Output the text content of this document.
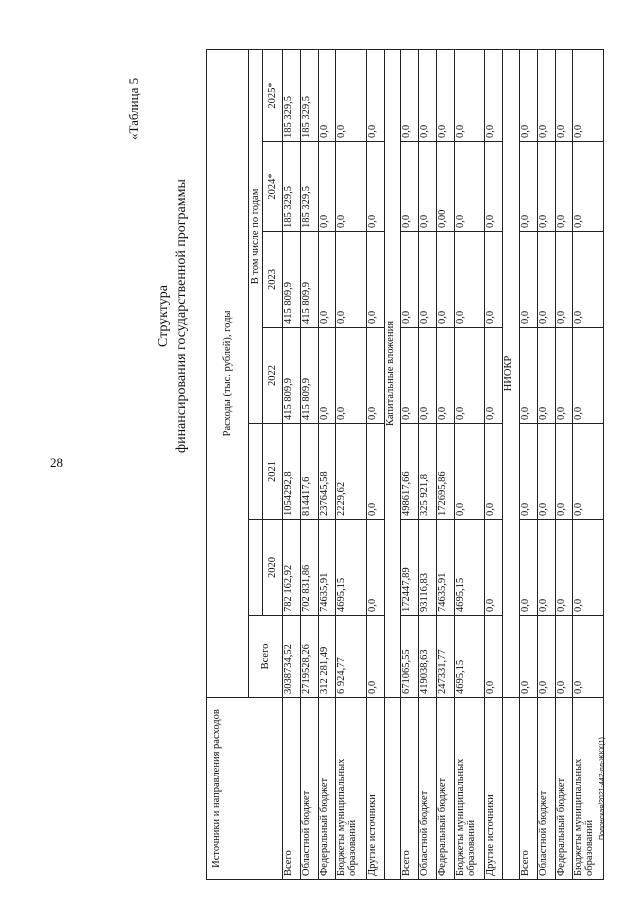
28
«Таблица 5
Структура финансирования государственной программы
Полонская/2021-442-пл-ЖКХ(1)
Источники и направления расходов	Расходы (тыс. рублей), годы						
	Всего			В том числе по годам			
		2020	2021	2022	2023	2024*	2025*
Всего	3038734,52	782 162,92	1054292,8	415 809,9	415 809,9	185 329,5	185 329,5
Областной бюджет	2719528,26	702 831,86	814417,6	415 809,9	415 809,9	185 329,5	185 329,5
Федеральный бюджет	312 281,49	74635,91	237645,58	0,0	0,0	0,0	0,0
Бюджеты муниципальных образований	6 924,77	4695,15	2229,62	0,0	0,0	0,0	0,0
Другие источники	0,0	0,0	0,0	0,0	0,0	0,0	0,0
	Капитальные вложения						
Всего	671065,55	172447,89	498617,66	0,0	0,0	0,0	0,0
Областной бюджет	419038,63	93116,83	325 921,8	0,0	0,0	0,0	0,0
Федеральный бюджет	247331,77	74635,91	172695,86	0,0	0,0	0,00	0,0
Бюджеты муниципальных образований	4695,15	4695,15	0,0	0,0	0,0	0,0	0,0
Другие источники	0,0	0,0	0,0	0,0	0,0	0,0	0,0
	НИОКР						
Всего	0,0	0,0	0,0	0,0	0,0	0,0	0,0
Областной бюджет	0,0	0,0	0,0	0,0	0,0	0,0	0,0
Федеральный бюджет	0,0	0,0	0,0	0,0	0,0	0,0	0,0
Бюджеты муниципальных образований	0,0	0,0	0,0	0,0	0,0	0,0	0,0
